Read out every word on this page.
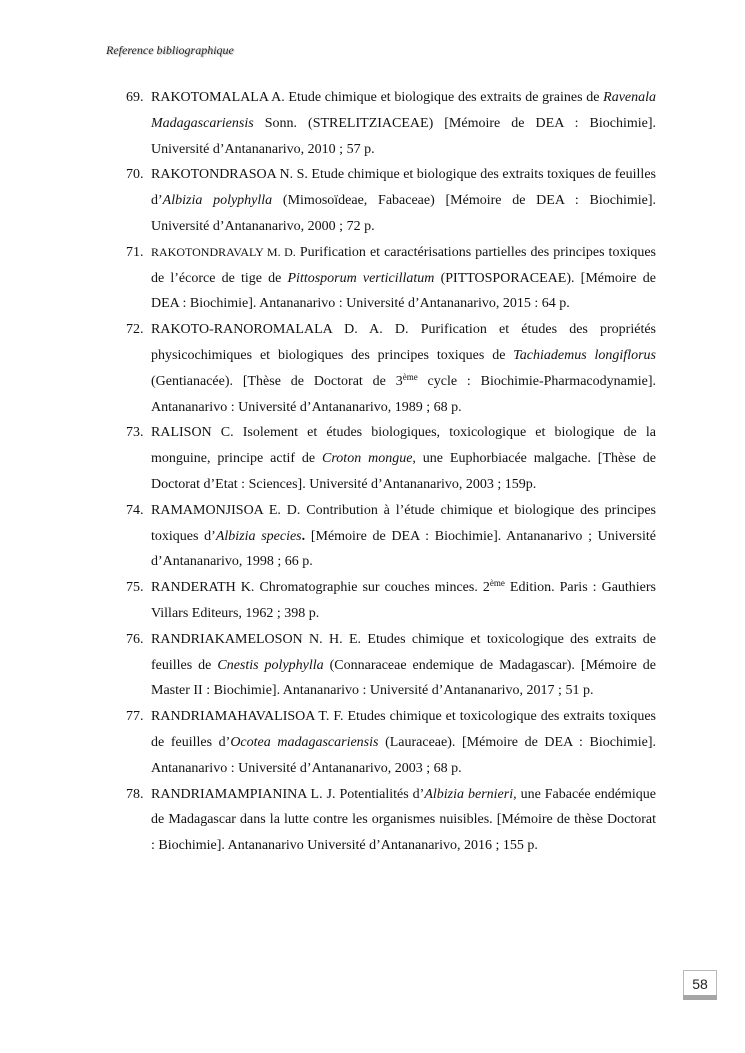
Reference bibliographique
69. RAKOTOMALALA A. Etude chimique et biologique des extraits de graines de Ravenala Madagascariensis Sonn. (STRELITZIACEAE) [Mémoire de DEA : Biochimie]. Université d’Antananarivo, 2010 ; 57 p.
70. RAKOTONDRASOA N. S. Etude chimique et biologique des extraits toxiques de feuilles d’Albizia polyphylla (Mimosoïdeae, Fabaceae) [Mémoire de DEA : Biochimie]. Université d’Antananarivo, 2000 ; 72 p.
71. RAKOTONDRAVALY M. D. Purification et caractérisations partielles des principes toxiques de l’écorce de tige de Pittosporum verticillatum (PITTOSPORACEAE). [Mémoire de DEA : Biochimie]. Antananarivo : Université d’Antananarivo, 2015 : 64 p.
72. RAKOTO-RANOROMALALA D. A. D. Purification et études des propriétés physicochimiques et biologiques des principes toxiques de Tachiademus longiflorus (Gentianacée). [Thèse de Doctorat de 3ème cycle : Biochimie-Pharmacodynamie]. Antananarivo : Université d’Antananarivo, 1989 ; 68 p.
73. RALISON C. Isolement et études biologiques, toxicologique et biologique de la monguine, principe actif de Croton mongue, une Euphorbiacée malgache. [Thèse de Doctorat d’Etat : Sciences]. Université d’Antananarivo, 2003 ; 159p.
74. RAMAMONJISOA E. D. Contribution à l’étude chimique et biologique des principes toxiques d’Albizia species. [Mémoire de DEA : Biochimie]. Antananarivo ; Université d’Antananarivo, 1998 ; 66 p.
75. RANDERATH K. Chromatographie sur couches minces. 2ème Edition. Paris : Gauthiers Villars Editeurs, 1962 ; 398 p.
76. RANDRIAKAMELOSON N. H. E. Etudes chimique et toxicologique des extraits de feuilles de Cnestis polyphylla (Connaraceae endemique de Madagascar). [Mémoire de Master II : Biochimie]. Antananarivo : Université d’Antananarivo, 2017 ; 51 p.
77. RANDRIAMAHAVALISOA T. F. Etudes chimique et toxicologique des extraits toxiques de feuilles d’Ocotea madagascariensis (Lauraceae). [Mémoire de DEA : Biochimie]. Antananarivo : Université d’Antananarivo, 2003 ; 68 p.
78. RANDRIAMAMPIANINA L. J. Potentialités d’Albizia bernieri, une Fabacée endémique de Madagascar dans la lutte contre les organismes nuisibles. [Mémoire de thèse Doctorat : Biochimie]. Antananarivo Université d’Antananarivo, 2016 ; 155 p.
58
